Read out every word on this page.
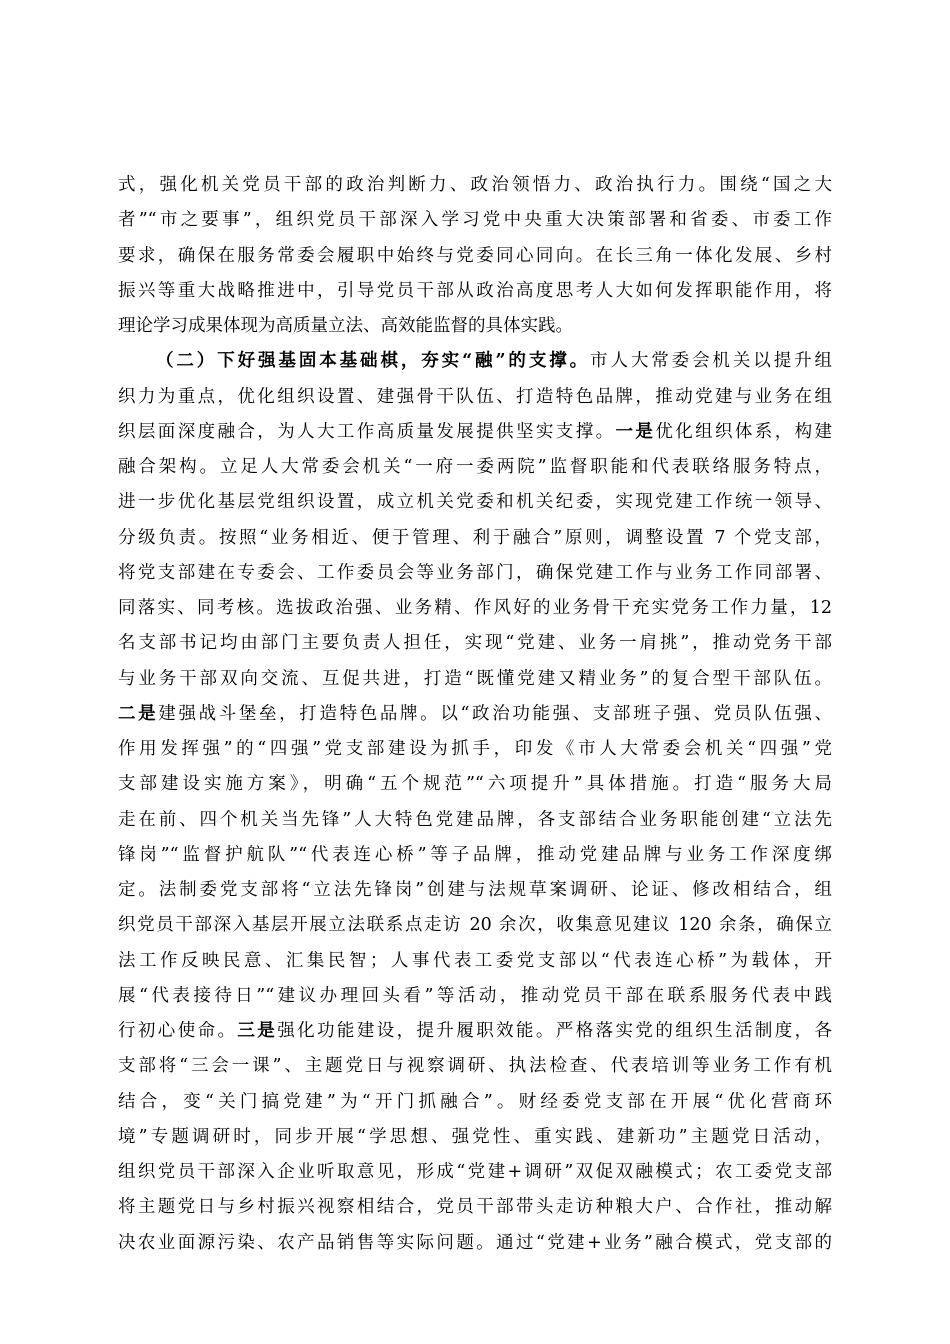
式，强化机关党员干部的政治判断力、政治领悟力、政治执行力。围绕“国之大
者”“市之要事”，组织党员干部深入学习党中央重大决策部署和省委、市委工作
要求，确保在服务常委会履职中始终与党委同心同向。在长三角一体化发展、乡村
振兴等重大战略推进中，引导党员干部从政治高度思考人大如何发挥职能作用，将
理论学习成果体现为高质量立法、高效能监督的具体实践。
（二）下好强基固本基础棋，夯实“融”的支撑。市人大常委会机关以提升组
织力为重点，优化组织设置、建强骨干队伍、打造特色品牌，推动党建与业务在组
织层面深度融合，为人大工作高质量发展提供坚实支撑。一是优化组织体系，构建
融合架构。立足人大常委会机关“一府一委两院”监督职能和代表联络服务特点，
进一步优化基层党组织设置，成立机关党委和机关纪委，实现党建工作统一领导、
分级负责。按照“业务相近、便于管理、利于融合”原则，调整设置 7 个党支部，
将党支部建在专委会、工作委员会等业务部门，确保党建工作与业务工作同部署、
同落实、同考核。选拔政治强、业务精、作风好的业务骨干充实党务工作力量，12
名支部书记均由部门主要负责人担任，实现“党建、业务一肩挑”，推动党务干部
与业务干部双向交流、互促共进，打造“既懂党建又精业务”的复合型干部队伍。
二是建强战斗堡垒，打造特色品牌。以“政治功能强、支部班子强、党员队伍强、
作用发挥强”的“四强”党支部建设为抓手，印发《市人大常委会机关“四强”党
支部建设实施方案》，明确“五个规范”“六项提升”具体措施。打造“服务大局
走在前、四个机关当先锋”人大特色党建品牌，各支部结合业务职能创建“立法先
锋岗”“监督护航队”“代表连心桥”等子品牌，推动党建品牌与业务工作深度绑
定。法制委党支部将“立法先锋岗”创建与法规草案调研、论证、修改相结合，组
织党员干部深入基层开展立法联系点走访 20 余次，收集意见建议 120 余条，确保立
法工作反映民意、汇集民智；人事代表工委党支部以“代表连心桥”为载体，开
展“代表接待日”“建议办理回头看”等活动，推动党员干部在联系服务代表中践
行初心使命。三是强化功能建设，提升履职效能。严格落实党的组织生活制度，各
支部将“三会一课”、主题党日与视察调研、执法检查、代表培训等业务工作有机
结合，变“关门搞党建”为“开门抓融合”。财经委党支部在开展“优化营商环
境”专题调研时，同步开展“学思想、强党性、重实践、建新功”主题党日活动，
组织党员干部深入企业听取意见，形成“党建+调研”双促双融模式；农工委党支部
将主题党日与乡村振兴视察相结合，党员干部带头走访种粮大户、合作社，推动解
决农业面源污染、农产品销售等实际问题。通过“党建+业务”融合模式，党支部的
